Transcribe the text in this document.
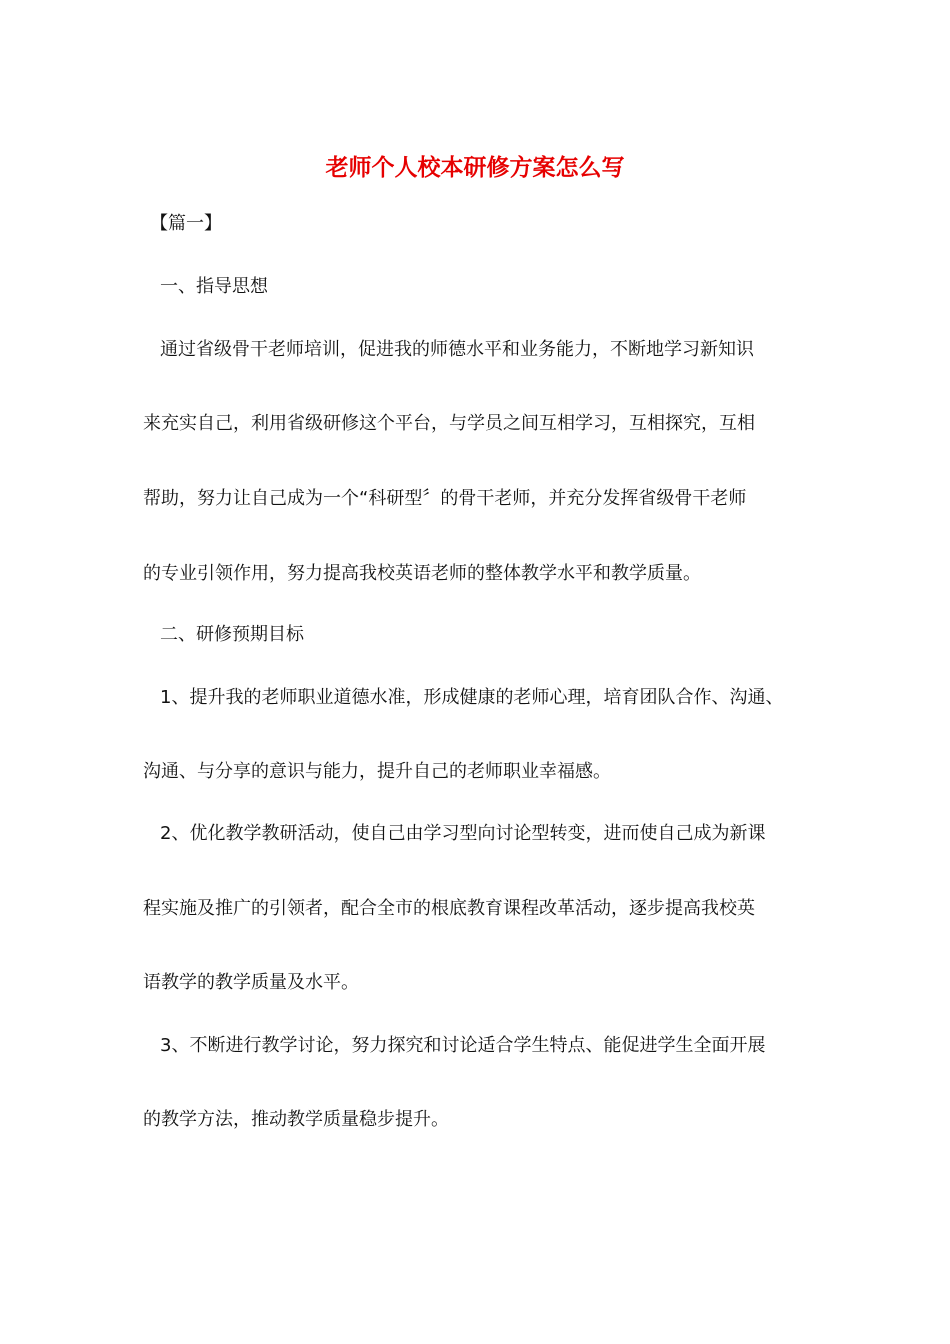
老师个人校本研修方案怎么写
【篇一】
一、指导思想
通过省级骨干老师培训，促进我的师德水平和业务能力，不断地学习新知识
来充实自己，利用省级研修这个平台，与学员之间互相学习，互相探究，互相
帮助，努力让自己成为一个“科研型〞的骨干老师，并充分发挥省级骨干老师
的专业引领作用，努力提高我校英语老师的整体教学水平和教学质量。
二、研修预期目标
1、提升我的老师职业道德水准，形成健康的老师心理，培育团队合作、沟通、
沟通、与分享的意识与能力，提升自己的老师职业幸福感。
2、优化教学教研活动，使自己由学习型向讨论型转变，进而使自己成为新课
程实施及推广的引领者，配合全市的根底教育课程改革活动，逐步提高我校英
语教学的教学质量及水平。
3、不断进行教学讨论，努力探究和讨论适合学生特点、能促进学生全面开展
的教学方法，推动教学质量稳步提升。
